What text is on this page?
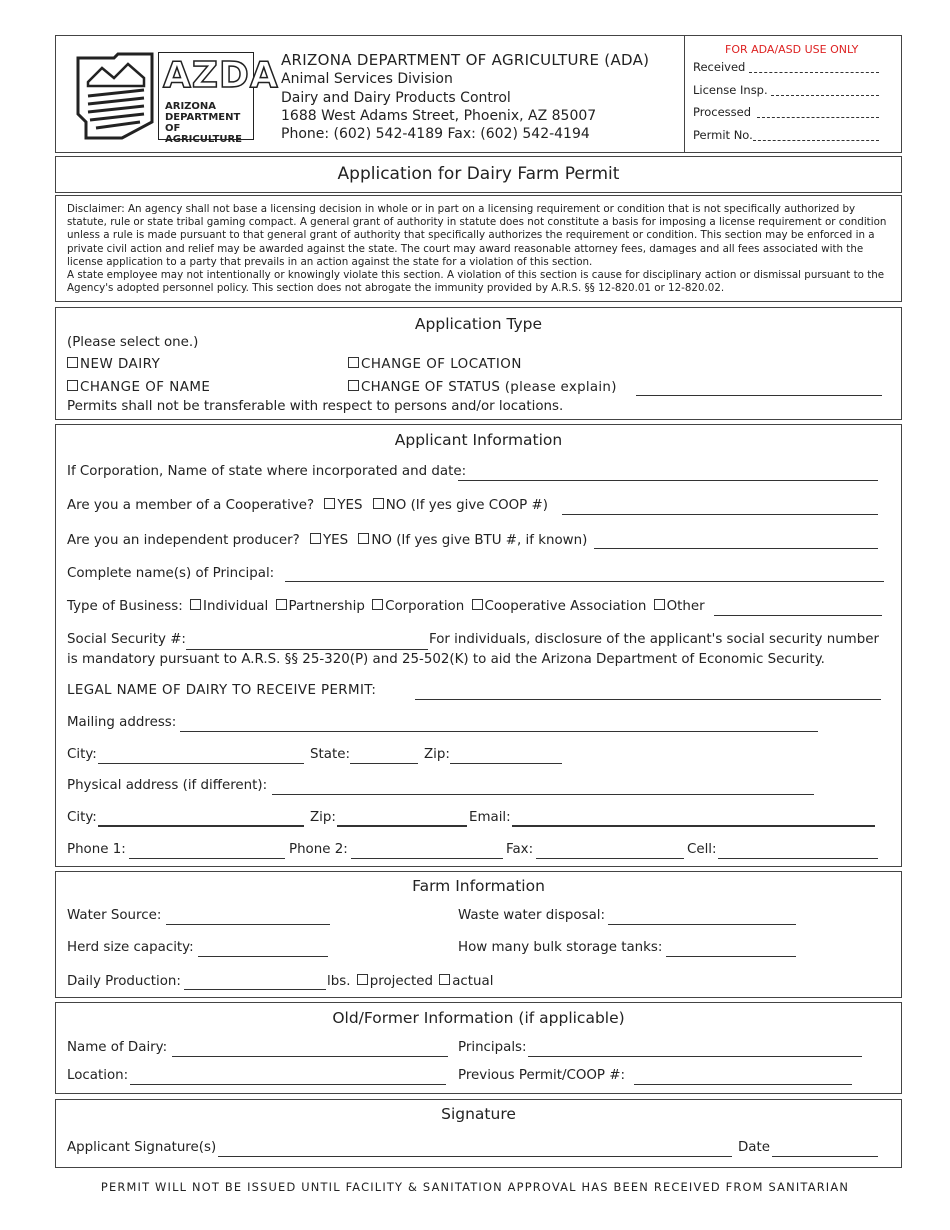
AZDA
ARIZONA
DEPARTMENT
OF AGRICULTURE
ARIZONA DEPARTMENT OF AGRICULTURE (ADA)
Animal Services Division
Dairy and Dairy Products Control
1688 West Adams Street, Phoenix, AZ 85007
Phone: (602) 542-4189 Fax: (602) 542-4194
FOR ADA/ASD USE ONLY
Received
License Insp.
Processed
Permit No.
Application for Dairy Farm Permit
Disclaimer: An agency shall not base a licensing decision in whole or in part on a licensing requirement or condition that is not specifically authorized by statute, rule or state tribal gaming compact. A general grant of authority in statute does not constitute a basis for imposing a license requirement or condition unless a rule is made pursuant to that general grant of authority that specifically authorizes the requirement or condition. This section may be enforced in a private civil action and relief may be awarded against the state. The court may award reasonable attorney fees, damages and all fees associated with the license application to a party that prevails in an action against the state for a violation of this section.
A state employee may not intentionally or knowingly violate this section. A violation of this section is cause for disciplinary action or dismissal pursuant to the Agency's adopted personnel policy. This section does not abrogate the immunity provided by A.R.S. §§ 12-820.01 or 12-820.02.
Application Type
(Please select one.)
NEW DAIRY	CHANGE OF LOCATION
CHANGE OF NAME	CHANGE OF STATUS (please explain)
Permits shall not be transferable with respect to persons and/or locations.
Applicant Information
If Corporation, Name of state where incorporated and date:
Are you a member of a Cooperative? YES NO (If yes give COOP #)
Are you an independent producer? YES NO (If yes give BTU #, if known)
Complete name(s) of Principal:
Type of Business: Individual Partnership Corporation Cooperative Association Other
Social Security #:	For individuals, disclosure of the applicant's social security number
is mandatory pursuant to A.R.S. §§ 25-320(P) and 25-502(K) to aid the Arizona Department of Economic Security.
LEGAL NAME OF DAIRY TO RECEIVE PERMIT:
Mailing address:
City:	State:	Zip:
Physical address (if different):
City:	Zip:	Email:
Phone 1:	Phone 2:	Fax:	Cell:
Farm Information
Water Source:	Waste water disposal:
Herd size capacity:	How many bulk storage tanks:
Daily Production:	lbs. projected actual
Old/Former Information (if applicable)
Name of Dairy:	Principals:
Location:	Previous Permit/COOP #:
Signature
Applicant Signature(s)	Date
PERMIT WILL NOT BE ISSUED UNTIL FACILITY & SANITATION APPROVAL HAS BEEN RECEIVED FROM SANITARIAN
